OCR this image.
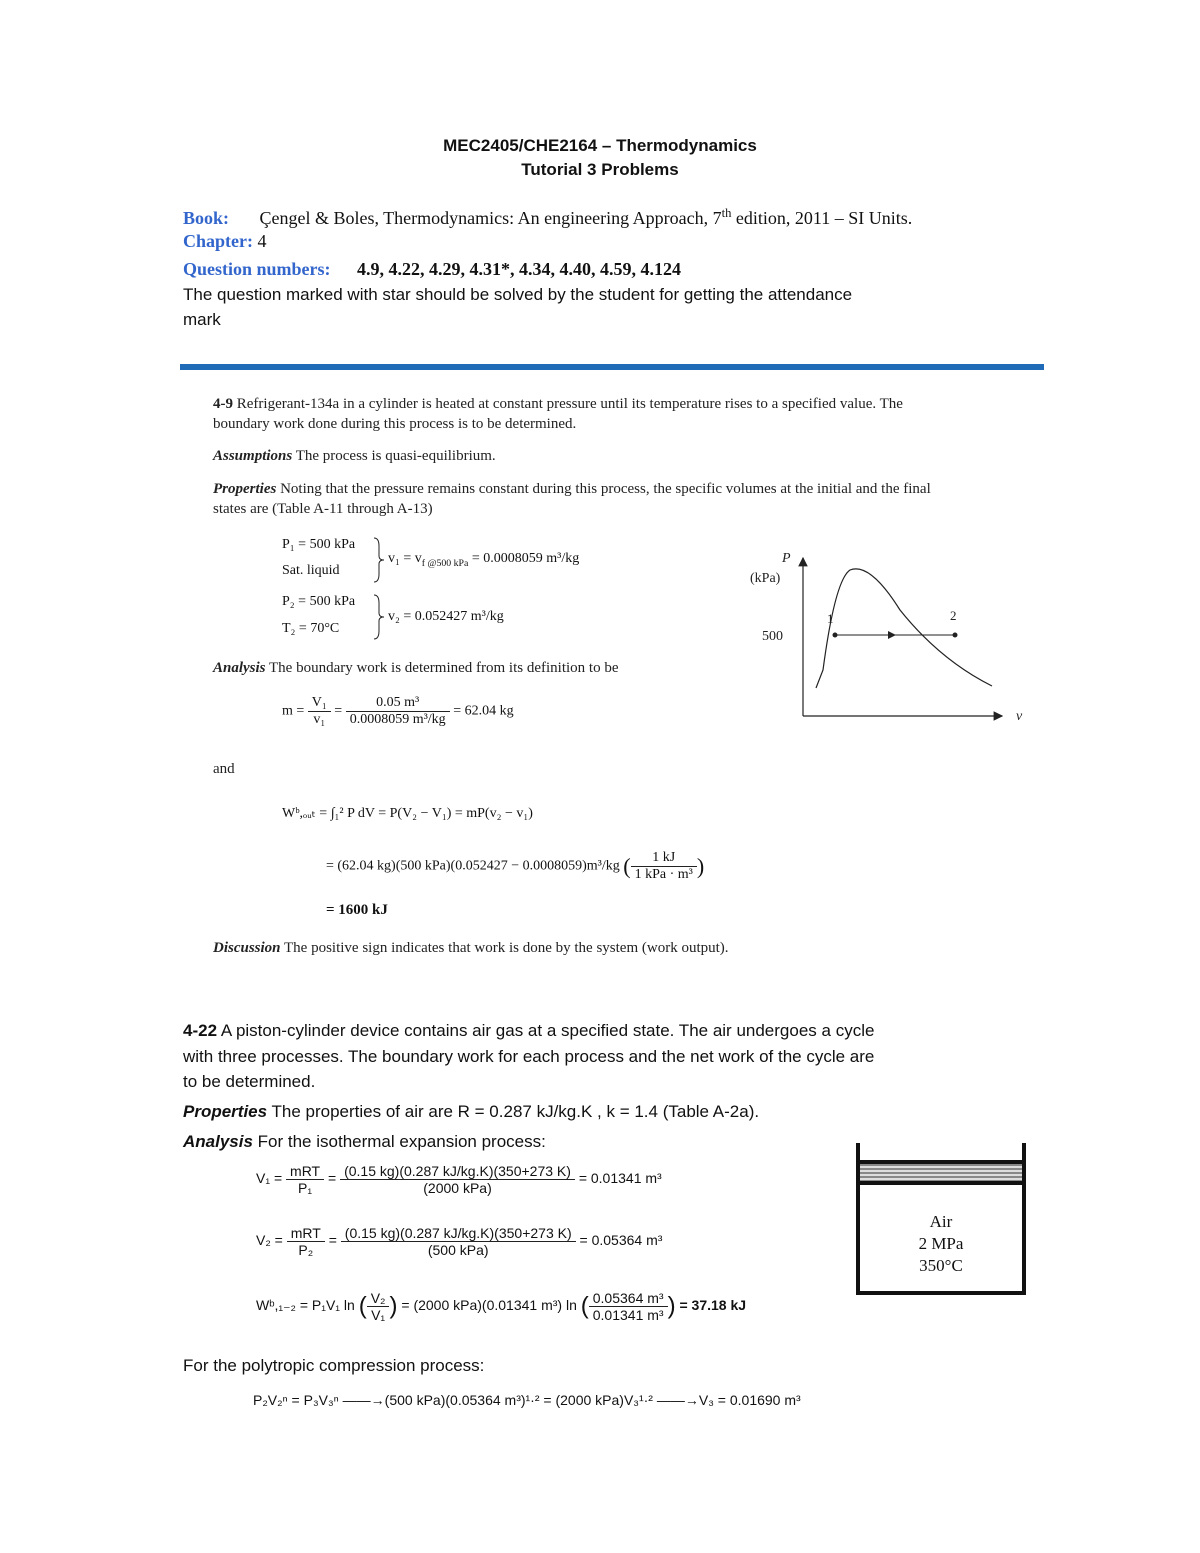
MEC2405/CHE2164 – Thermodynamics
Tutorial 3 Problems
Book: Çengel & Boles, Thermodynamics: An engineering Approach, 7th edition, 2011 – SI Units.
Chapter: 4
Question numbers: 4.9, 4.22, 4.29, 4.31*, 4.34, 4.40, 4.59, 4.124
The question marked with star should be solved by the student for getting the attendance
mark
4-9 Refrigerant-134a in a cylinder is heated at constant pressure until its temperature rises to a specified value. The
boundary work done during this process is to be determined.
Assumptions The process is quasi-equilibrium.
Properties Noting that the pressure remains constant during this process, the specific volumes at the initial and the final
states are (Table A-11 through A-13)
P₁ = 500 kPa
Sat. liquid
$v_1 = v_{f @500 kPa} = 0.0008059$ m³/kg
P₂ = 500 kPa
T₂ = 70°C
v₂ = 0.052427 m³/kg
P
(kPa)
500
v
1	2
Analysis The boundary work is determined from its definition to be
$m = \frac{\text{V₁}}{\text{v₁}} = \frac{\text{0.05 m³}}{\text{0.0008059 m³/kg}} = 62.04$ kg
and
Wᵇ,ₒᵤₜ = ∫₁² P dV = P(V₂ − V₁) = mP(v₂ − v₁)
= (62.04 kg)(500 kPa)(0.052427 − 0.0008059)m³/kg ( $\frac{1 kJ}{\text{1 kPa · m³}}$ )
= 1600 kJ
Discussion The positive sign indicates that work is done by the system (work output).
4-22 A piston-cylinder device contains air gas at a specified state. The air undergoes a cycle
with three processes. The boundary work for each process and the net work of the cycle are
to be determined.
Properties The properties of air are R = 0.287 kJ/kg.K , k = 1.4 (Table A-2a).
Analysis For the isothermal expansion process:
$V_1 = \frac{\text{mRT}}{\text{P₁}} = \frac{(0.15 kg)(0.287 kJ/kg.K)(350+273 K)}{\text{(2000 kPa)}} = 0.01341$ m³
$V_2 = \frac{\text{mRT}}{\text{P₂}} = \frac{(0.15 kg)(0.287 kJ/kg.K)(350+273 K)}{\text{(500 kPa)}} = 0.05364$ m³
Wᵇ,₁₋₂ = P₁V₁ ln ( $\frac{\text{V₂}}{\text{V₁}}$ ) = (2000 kPa)(0.01341 m³) ln ( $\frac{\text{0.05364 m³}}{\text{0.01341 m³}}$ ) = 37.18 kJ
For the polytropic compression process:
P₂V₂ⁿ = P₃V₃ⁿ ——→(500 kPa)(0.05364 m³)¹·² = (2000 kPa)V₃¹·² ——→V₃ = 0.01690 m³
Air
2 MPa
350°C
